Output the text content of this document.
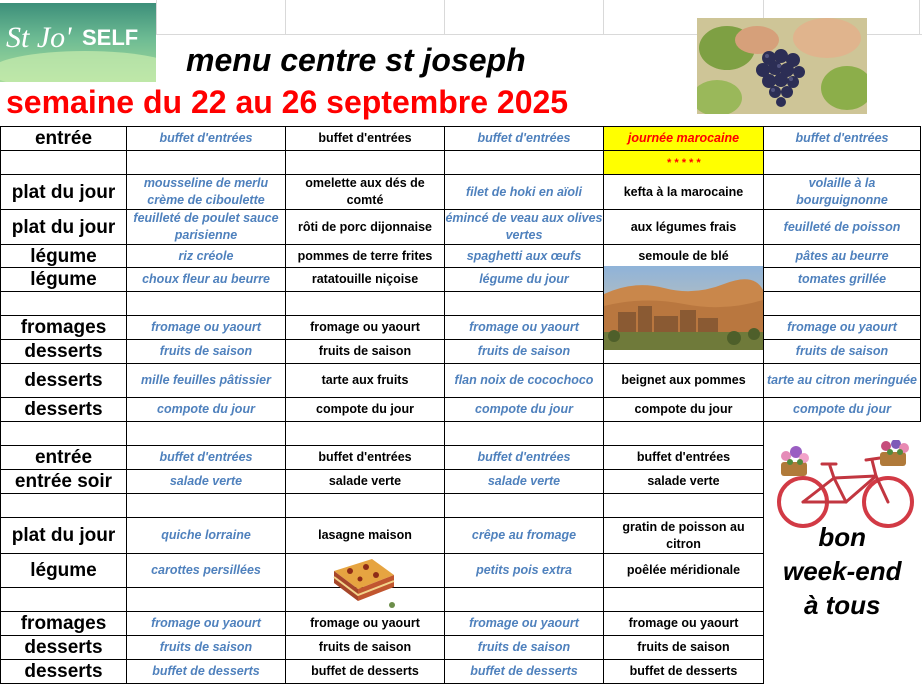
St Jo' SELF
menu centre st joseph
semaine du 22 au 26 septembre 2025
entrée	buffet d'entrées	buffet d'entrées	buffet d'entrées	journée marocaine	buffet d'entrées
				* * * * *	
plat du jour	mousseline de merlu crème de ciboulette	omelette aux dés de comté	filet de hoki en aïoli	kefta à la marocaine	volaille à la bourguignonne
plat du jour	feuilleté de poulet sauce parisienne	rôti de porc dijonnaise	émincé de veau aux olives vertes	aux légumes frais	feuilleté de poisson
légume	riz créole	pommes de terre frites	spaghetti aux œufs	semoule de blé	pâtes au beurre
légume	choux fleur au beurre	ratatouille niçoise	légume du jour		tomates grillée

fromages	fromage ou yaourt	fromage ou yaourt	fromage ou yaourt		fromage ou yaourt
desserts	fruits de saison	fruits de saison	fruits de saison		fruits de saison
desserts	mille feuilles pâtissier	tarte aux fruits	flan noix de cocochoco	beignet aux pommes	tarte au citron meringuée
desserts	compote du jour	compote du jour	compote du jour	compote du jour	compote du jour

					bon
week-end
à tous

entrée	buffet d'entrées	buffet d'entrées	buffet d'entrées	buffet d'entrées	
entrée soir	salade verte	salade verte	salade verte	salade verte	

plat du jour	quiche lorraine	lasagne maison	crêpe au fromage	gratin de poisson au citron	
légume	carottes persillées		petits pois extra	poêlée méridionale	

fromages	fromage ou yaourt	fromage ou yaourt	fromage ou yaourt	fromage ou yaourt	
desserts	fruits de saison	fruits de saison	fruits de saison	fruits de saison	
desserts	buffet de desserts	buffet de desserts	buffet de desserts	buffet de desserts	
